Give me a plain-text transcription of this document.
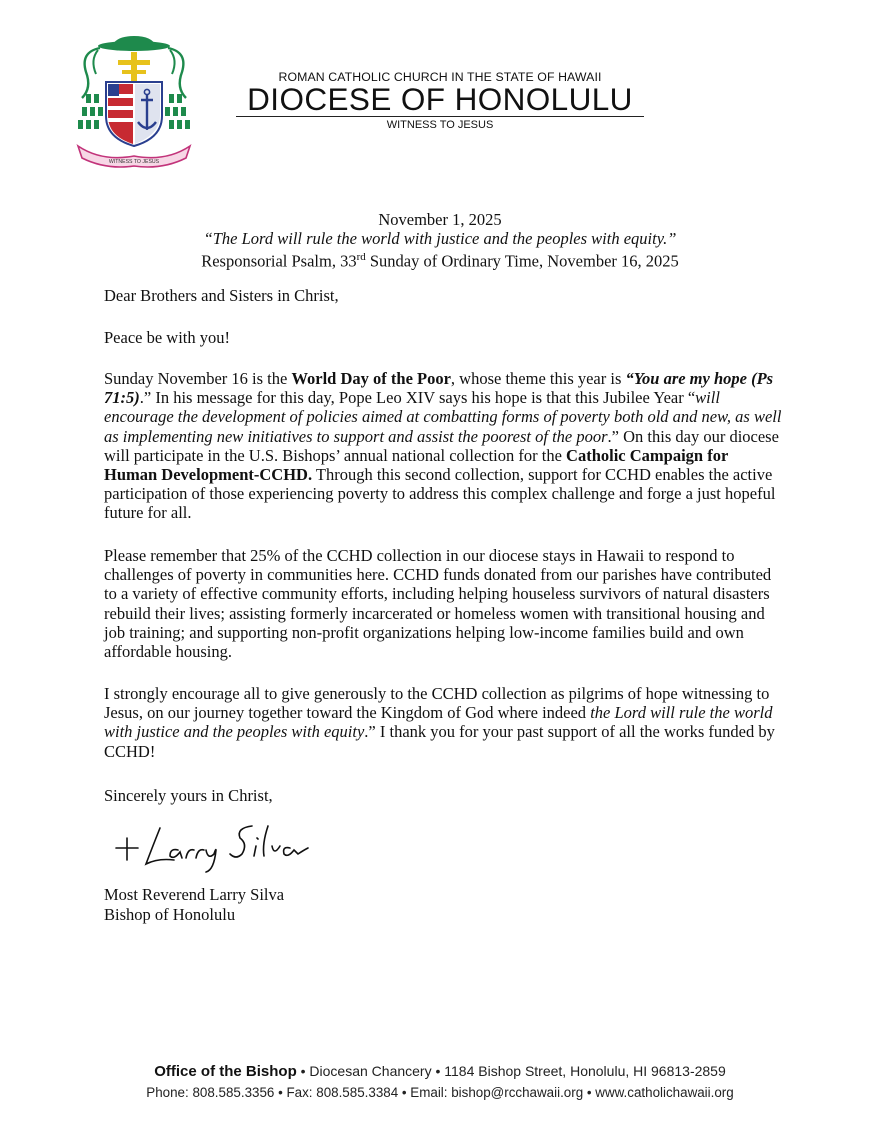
WITNESS TO JESUS
ROMAN CATHOLIC CHURCH IN THE STATE OF HAWAII
DIOCESE OF HONOLULU
WITNESS TO JESUS
November 1, 2025
“The Lord will rule the world with justice and the peoples with equity.”
Responsorial Psalm, 33rd Sunday of Ordinary Time, November 16, 2025

Dear Brothers and Sisters in Christ,

Peace be with you!

Sunday November 16 is the World Day of the Poor, whose theme this year is “You are my hope (Ps 71:5).” In his message for this day, Pope Leo XIV says his hope is that this Jubilee Year “will encourage the development of policies aimed at combatting forms of poverty both old and new, as well as implementing new initiatives to support and assist the poorest of the poor.” On this day our diocese will participate in the U.S. Bishops’ annual national collection for the Catholic Campaign for Human Development-CCHD. Through this second collection, support for CCHD enables the active participation of those experiencing poverty to address this complex challenge and forge a just hopeful future for all.

Please remember that 25% of the CCHD collection in our diocese stays in Hawaii to respond to challenges of poverty in communities here. CCHD funds donated from our parishes have contributed to a variety of effective community efforts, including helping houseless survivors of natural disasters rebuild their lives; assisting formerly incarcerated or homeless women with transitional housing and job training; and supporting non-profit organizations helping low-income families build and own affordable housing.

I strongly encourage all to give generously to the CCHD collection as pilgrims of hope witnessing to Jesus, on our journey together toward the Kingdom of God where indeed the Lord will rule the world with justice and the peoples with equity.” I thank you for your past support of all the works funded by CCHD!

Sincerely yours in Christ,

Most Reverend Larry Silva

Bishop of Honolulu

Office of the Bishop • Diocesan Chancery • 1184 Bishop Street, Honolulu, HI 96813-2859
Phone: 808.585.3356 • Fax: 808.585.3384 • Email: bishop@rcchawaii.org • www.catholichawaii.org
